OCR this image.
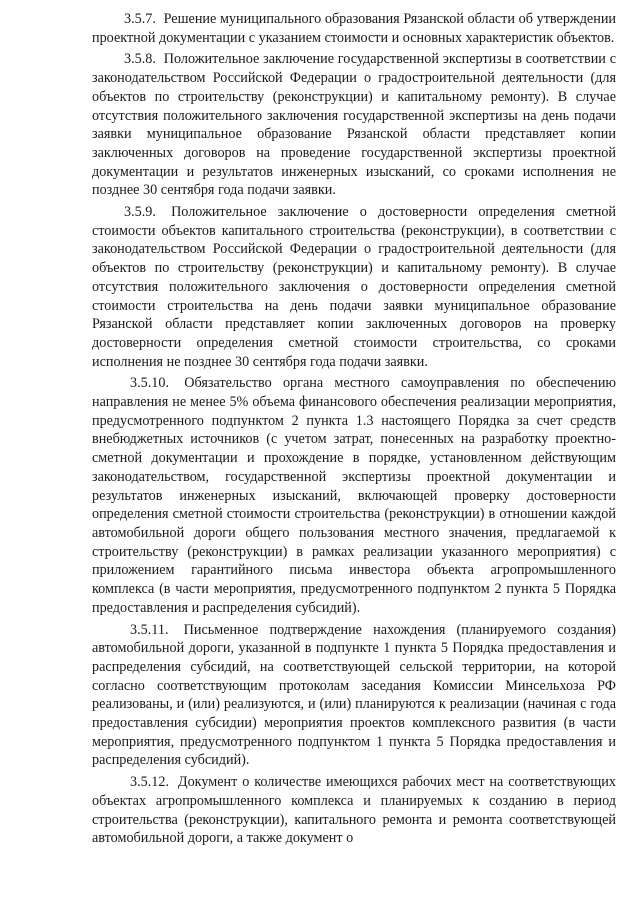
3.5.7. Решение муниципального образования Рязанской области об утверждении проектной документации с указанием стоимости и основных характеристик объектов.

3.5.8. Положительное заключение государственной экспертизы в соответствии с законодательством Российской Федерации о градостроительной деятельности (для объектов по строительству (реконструкции) и капитальному ремонту). В случае отсутствия положительного заключения государственной экспертизы на день подачи заявки муниципальное образование Рязанской области представляет копии заключенных договоров на проведение государственной экспертизы проектной документации и результатов инженерных изысканий, со сроками исполнения не позднее 30 сентября года подачи заявки.

3.5.9. Положительное заключение о достоверности определения сметной стоимости объектов капитального строительства (реконструкции), в соответствии с законодательством Российской Федерации о градостроительной деятельности (для объектов по строительству (реконструкции) и капитальному ремонту). В случае отсутствия положительного заключения о достоверности определения сметной стоимости строительства на день подачи заявки муниципальное образование Рязанской области представляет копии заключенных договоров на проверку достоверности определения сметной стоимости строительства, со сроками исполнения не позднее 30 сентября года подачи заявки.

3.5.10. Обязательство органа местного самоуправления по обеспечению направления не менее 5% объема финансового обеспечения реализации мероприятия, предусмотренного подпунктом 2 пункта 1.3 настоящего Порядка за счет средств внебюджетных источников (с учетом затрат, понесенных на разработку проектно-сметной документации и прохождение в порядке, установленном действующим законодательством, государственной экспертизы проектной документации и результатов инженерных изысканий, включающей проверку достоверности определения сметной стоимости строительства (реконструкции) в отношении каждой автомобильной дороги общего пользования местного значения, предлагаемой к строительству (реконструкции) в рамках реализации указанного мероприятия) с приложением гарантийного письма инвестора объекта агропромышленного комплекса (в части мероприятия, предусмотренного подпунктом 2 пункта 5 Порядка предоставления и распределения субсидий).

3.5.11. Письменное подтверждение нахождения (планируемого создания) автомобильной дороги, указанной в подпункте 1 пункта 5 Порядка предоставления и распределения субсидий, на соответствующей сельской территории, на которой согласно соответствующим протоколам заседания Комиссии Минсельхоза РФ реализованы, и (или) реализуются, и (или) планируются к реализации (начиная с года предоставления субсидии) мероприятия проектов комплексного развития (в части мероприятия, предусмотренного подпунктом 1 пункта 5 Порядка предоставления и распределения субсидий).

3.5.12. Документ о количестве имеющихся рабочих мест на соответствующих объектах агропромышленного комплекса и планируемых к созданию в период строительства (реконструкции), капитального ремонта и ремонта соответствующей автомобильной дороги, а также документ о
